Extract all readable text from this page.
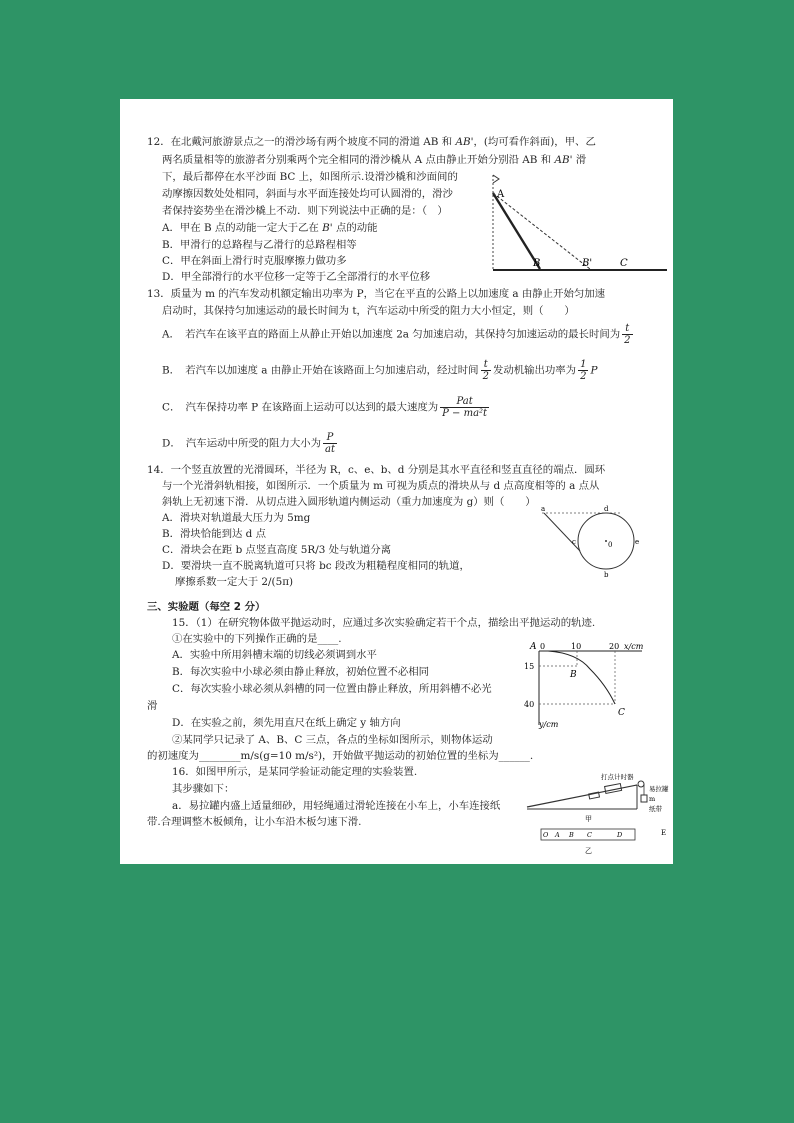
12．在北戴河旅游景点之一的滑沙场有两个坡度不同的滑道 AB 和 AB'，(均可看作斜面)，甲、乙
两名质量相等的旅游者分别乘两个完全相同的滑沙橇从 A 点由静止开始分别沿 AB 和 AB' 滑
下，最后都停在水平沙面 BC 上，如图所示.设滑沙橇和沙面间的
动摩擦因数处处相同，斜面与水平面连接处均可认圆滑的，滑沙
者保持姿势坐在滑沙橇上不动．则下列说法中正确的是：（　）
A．甲在 B 点的动能一定大于乙在 B' 点的动能
B．甲滑行的总路程与乙滑行的总路程相等
C．甲在斜面上滑行时克服摩擦力做功多
D．甲全部滑行的水平位移一定等于乙全部滑行的水平位移
A
B	B'	C
13．质量为 m 的汽车发动机额定输出功率为 P，当它在平直的公路上以加速度 a 由静止开始匀加速
启动时，其保持匀加速运动的最长时间为 t，汽车运动中所受的阻力大小恒定，则（　　）
A．　若汽车在该平直的路面上从静止开始以加速度 2a 匀加速启动，其保持匀加速运动的最长时间为 $\frac{t}{2}$
B．　若汽车以加速度 a 由静止开始在该路面上匀加速启动，经过时间 $\frac{t}{2}$ 发动机输出功率为 $\frac{1}{2}$ P
C．　汽车保持功率 P 在该路面上运动可以达到的最大速度为 $\frac{\text{Pat}}{\text{P − ma²t}}$
D．　汽车运动中所受的阻力大小为 $\frac{P}{at}$
14．一个竖直放置的光滑圆环，半径为 R，c、e、b、d 分别是其水平直径和竖直直径的端点．圆环
与一个光滑斜轨相接，如图所示．一个质量为 m 可视为质点的滑块从与 d 点高度相等的 a 点从
斜轨上无初速下滑．从切点进入圆形轨道内侧运动（重力加速度为 g）则（　　）
A．滑块对轨道最大压力为 5mg
B．滑块恰能到达 d 点
C．滑块会在距 b 点竖直高度 5R/3 处与轨道分离
D．要滑块一直不脱离轨道可只将 bc 段改为粗糙程度相同的轨道，
摩擦系数一定大于 2/(5π)
a	d
c	e
b
0
三、实验题（每空 2 分）
15．（1）在研究物体做平抛运动时，应通过多次实验确定若干个点，描绘出平抛运动的轨迹.
①在实验中的下列操作正确的是____.
A．实验中所用斜槽末端的切线必须调到水平
B．每次实验中小球必须由静止释放，初始位置不必相同
C．每次实验小球必须从斜槽的同一位置由静止释放，所用斜槽不必光
滑
D．在实验之前，须先用直尺在纸上确定 y 轴方向
②某同学只记录了 A、B、C 三点，各点的坐标如图所示，则物体运动
的初速度为________m/s(g=10 m/s²)，开始做平抛运动的初始位置的坐标为______.
A
B
C
0	10	20 x/cm
15
40
y/cm
16．如图甲所示，是某同学验证动能定理的实验装置.
其步骤如下：
a．易拉罐内盛上适量细砂，用轻绳通过滑轮连接在小车上，小车连接纸
带.合理调整木板倾角，让小车沿木板匀速下滑.
打点计时器
易拉罐
m
纸带
甲
O A B C	D	E
乙
